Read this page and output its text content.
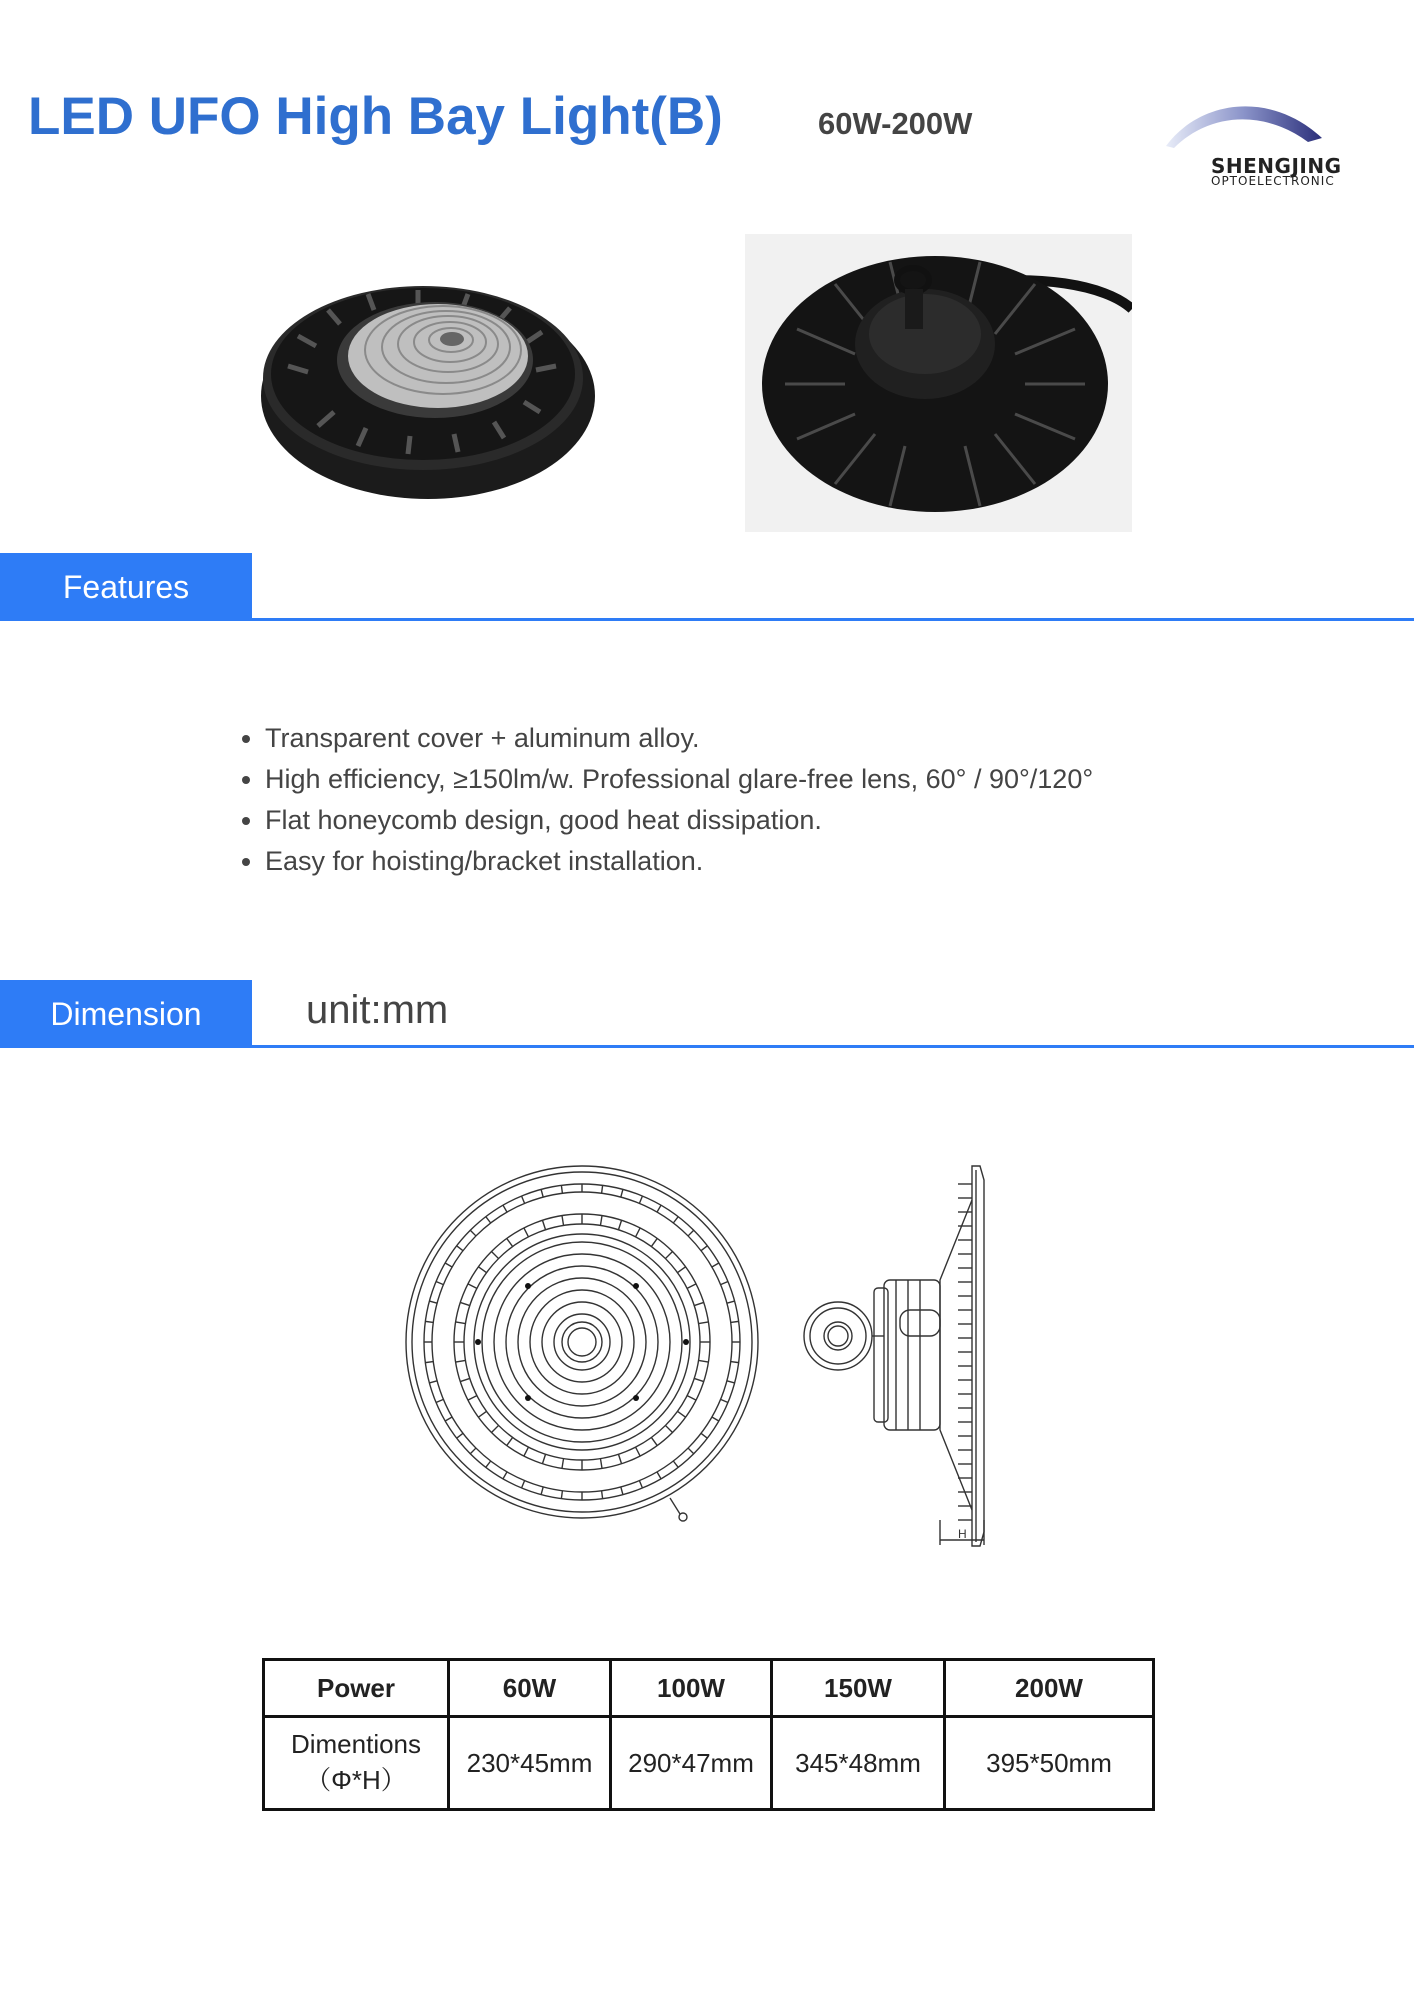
LED UFO High Bay Light(B)	60W-200W
SHENGJING
OPTOELECTRONIC
Features
• Transparent cover + aluminum alloy.
• High efficiency, ≥150lm/w. Professional glare-free lens, 60° / 90°/120°
• Flat honeycomb design, good heat dissipation.
• Easy for hoisting/bracket installation.
Dimension	unit:mm
H
Power	60W	100W	150W	200W

Dimentions
（Φ*H）	230*45mm	290*47mm	345*48mm	395*50mm
